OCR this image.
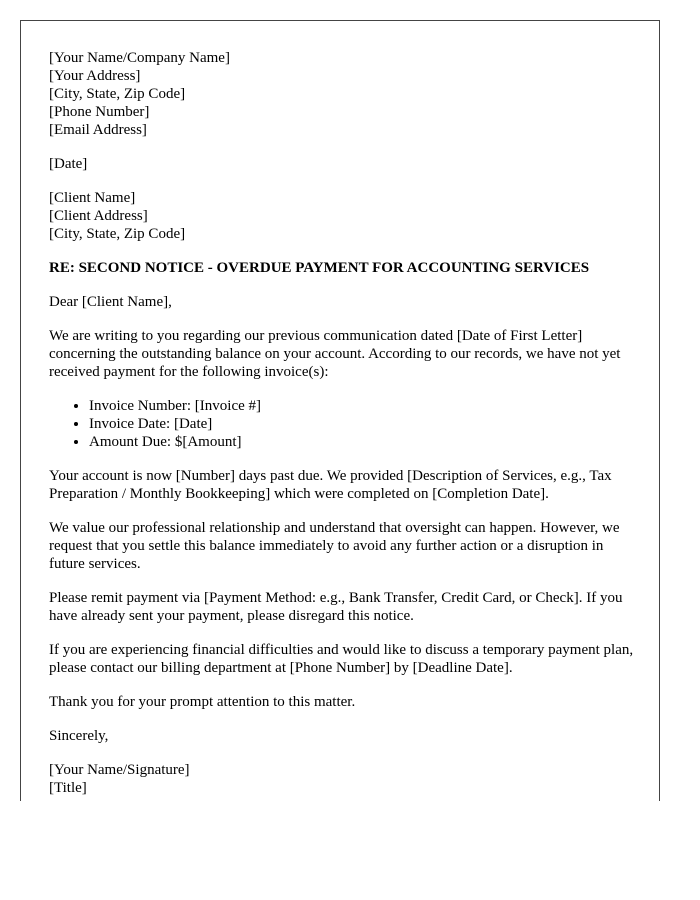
[Your Name/Company Name]
[Your Address]
[City, State, Zip Code]
[Phone Number]
[Email Address]
[Date]
[Client Name]
[Client Address]
[City, State, Zip Code]
RE: SECOND NOTICE - OVERDUE PAYMENT FOR ACCOUNTING SERVICES

Dear [Client Name],

We are writing to you regarding our previous communication dated [Date of First Letter] concerning the outstanding balance on your account. According to our records, we have not yet received payment for the following invoice(s):

• Invoice Number: [Invoice #]
• Invoice Date: [Date]
• Amount Due: $[Amount]

Your account is now [Number] days past due. We provided [Description of Services, e.g., Tax Preparation / Monthly Bookkeeping] which were completed on [Completion Date].

We value our professional relationship and understand that oversight can happen. However, we request that you settle this balance immediately to avoid any further action or a disruption in future services.

Please remit payment via [Payment Method: e.g., Bank Transfer, Credit Card, or Check]. If you have already sent your payment, please disregard this notice.

If you are experiencing financial difficulties and would like to discuss a temporary payment plan, please contact our billing department at [Phone Number] by [Deadline Date].

Thank you for your prompt attention to this matter.

Sincerely,

[Your Name/Signature]
[Title]
